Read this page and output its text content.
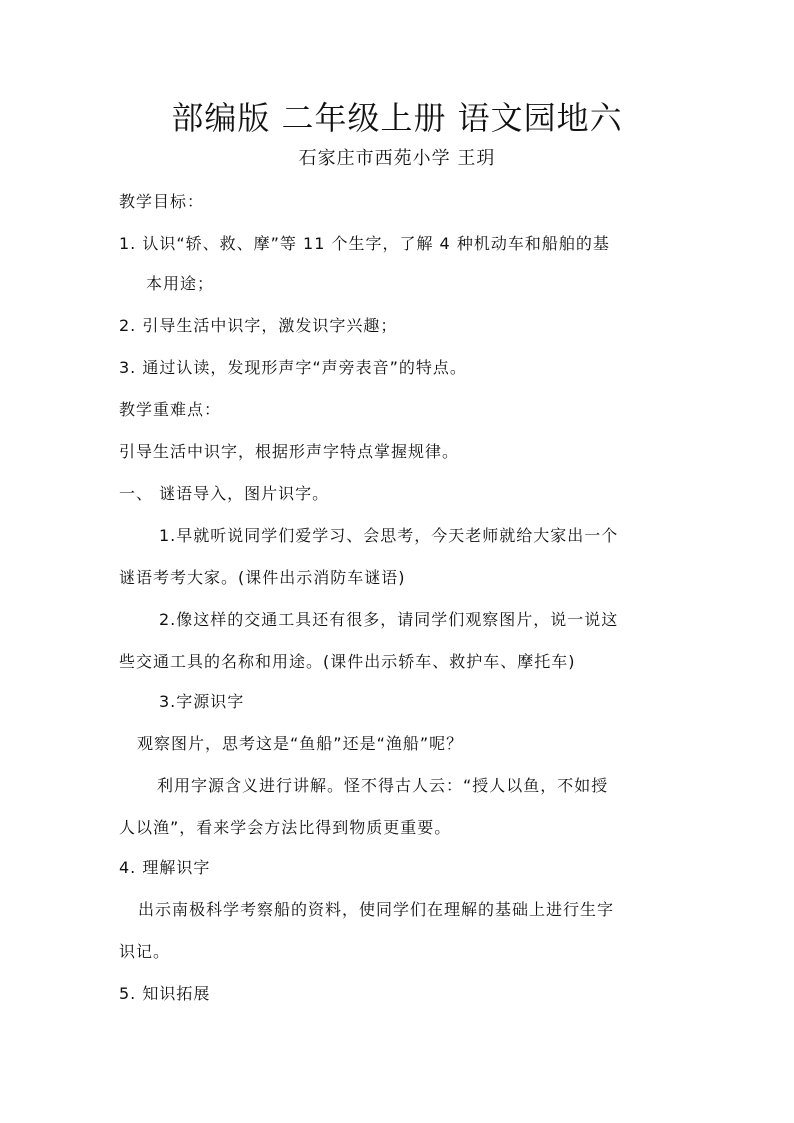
部编版 二年级上册 语文园地六
石家庄市西苑小学 王玥
教学目标：
1. 认识“轿、救、摩”等 11 个生字，了解 4 种机动车和船舶的基
本用途；
2. 引导生活中识字，激发识字兴趣；
3. 通过认读，发现形声字“声旁表音”的特点。
教学重难点：
引导生活中识字，根据形声字特点掌握规律。
一、 谜语导入，图片识字。
1.早就听说同学们爱学习、会思考，今天老师就给大家出一个
谜语考考大家。(课件出示消防车谜语)
2.像这样的交通工具还有很多，请同学们观察图片，说一说这
些交通工具的名称和用途。(课件出示轿车、救护车、摩托车)
3.字源识字
观察图片，思考这是“鱼船”还是“渔船”呢？
利用字源含义进行讲解。怪不得古人云：“授人以鱼，不如授
人以渔”，看来学会方法比得到物质更重要。
4. 理解识字
出示南极科学考察船的资料，使同学们在理解的基础上进行生字
识记。
5. 知识拓展
